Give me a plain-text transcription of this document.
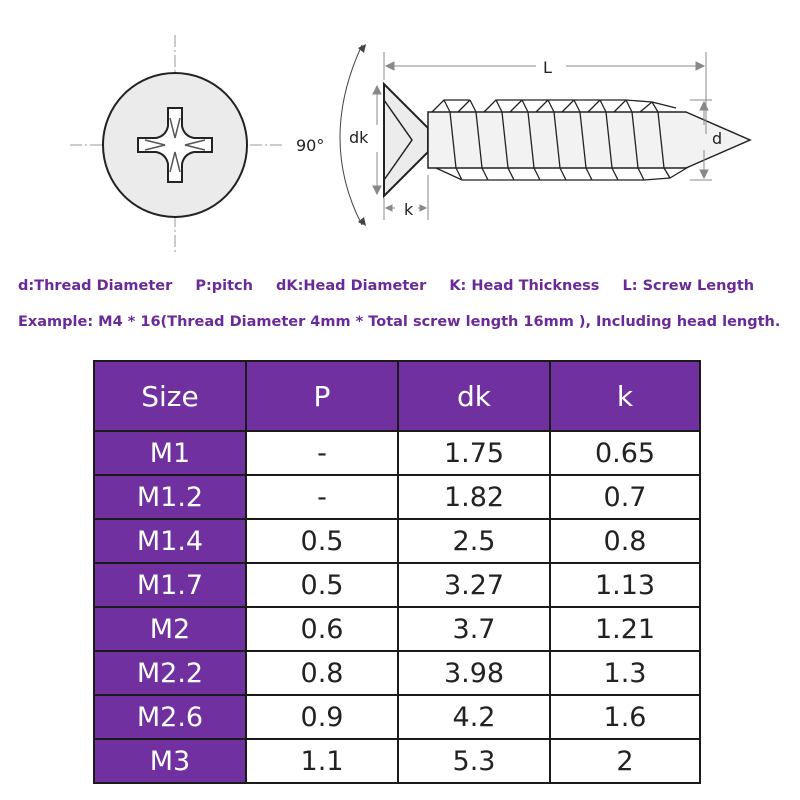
90°
L
dk
k
d
d:Thread Diameter P:pitch dK:Head Diameter K: Head Thickness L: Screw Length
Example: M4 * 16(Thread Diameter 4mm * Total screw length 16mm ), Including head length.
Size	P	dk	k
M1	-	1.75	0.65
M1.2	-	1.82	0.7
M1.4	0.5	2.5	0.8
M1.7	0.5	3.27	1.13
M2	0.6	3.7	1.21
M2.2	0.8	3.98	1.3
M2.6	0.9	4.2	1.6
M3	1.1	5.3	2
